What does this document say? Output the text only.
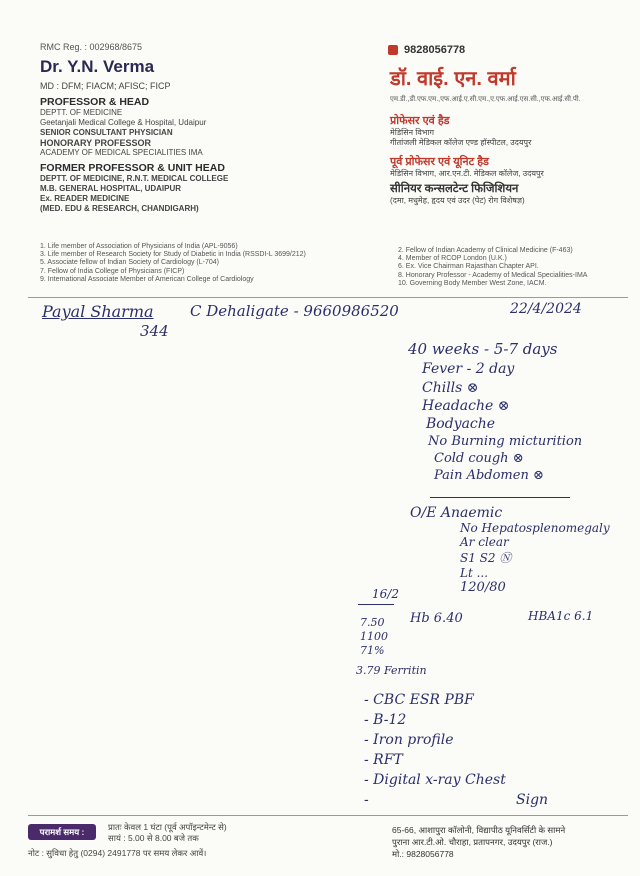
RMC Reg. : 002968/8675
Dr. Y.N. Verma
MD : DFM; FIACM; AFISC; FICP
PROFESSOR & HEAD
DEPTT. OF MEDICINE
Geetanjali Medical College & Hospital, Udaipur
SENIOR CONSULTANT PHYSICIAN
HONORARY PROFESSOR
ACADEMY OF MEDICAL SPECIALITIES IMA
FORMER PROFESSOR & UNIT HEAD
DEPTT. OF MEDICINE, R.N.T. MEDICAL COLLEGE
M.B. GENERAL HOSPITAL, UDAIPUR
Ex. READER MEDICINE
(MED. EDU & RESEARCH, CHANDIGARH)
9828056778
डॉ. वाई. एन. वर्मा
एम.डी.,डी.एफ.एम.,एफ.आई.ए.सी.एम.,ए.एफ.आई.एस.सी.,एफ.आई.सी.पी.
प्रोफेसर एवं हैड
मेडिसिन विभाग
गीतांजली मेडिकल कॉलेज एण्ड हॉस्पीटल, उदयपुर
पूर्व प्रोफेसर एवं यूनिट हैड
मेडिसिन विभाग, आर.एन.टी. मेडिकल कॉलेज, उदयपुर
सीनियर कन्सलटेन्ट फिजिशियन
(दमा, मधुमेह, हृदय एवं उदर (पेट) रोग विशेषज्ञ)
1. Life member of Association of Physicians of India (APL-9056)
3. Life member of Research Society for Study of Diabetic in India (RSSDI-L 3699/212)
5. Associate fellow of Indian Society of Cardiology (L-704)
7. Fellow of India College of Physicians (FICP)
9. International Associate Member of American College of Cardiology
2. Fellow of Indian Academy of Clinical Medicine (F-463)
4. Member of RCOP London (U.K.)
6. Ex. Vice Chairman Rajasthan Chapter API.
8. Honorary Professor - Academy of Medical Specialities-IMA
10. Governing Body Member West Zone, IACM.
Payal Sharma
344
C Dehaligate - 9660986520	22/4/2024
40 weeks - 5-7 days
Fever - 2 day
Chills ⊗
Headache ⊗
Bodyache
No Burning micturition
Cold cough ⊗
Pain Abdomen ⊗
O/E Anaemic
No Hepatosplenomegaly
Ar clear
S1 S2 Ⓝ
Lt ...
120/80
16/2
Hb 6.40	HBA1c 6.1
7.50
1100
71%
3.79 Ferritin
- CBC ESR PBF
- B-12
- Iron profile
- RFT
- Digital x-ray Chest
-	Sign
परामर्श समय :	प्रातः केवल 1 घंटा (पूर्व अपॉइन्टमेन्ट से)
सायं : 5.00 से 8.00 बजे तक
नोट : सुविधा हेतु (0294) 2491778 पर समय लेकर आवें।
65-66, आशापुरा कॉलोनी, विद्यापीठ यूनिवर्सिटी के सामने
पुराना आर.टी.ओ. चौराहा, प्रतापनगर, उदयपुर (राज.)
मो.: 9828056778
